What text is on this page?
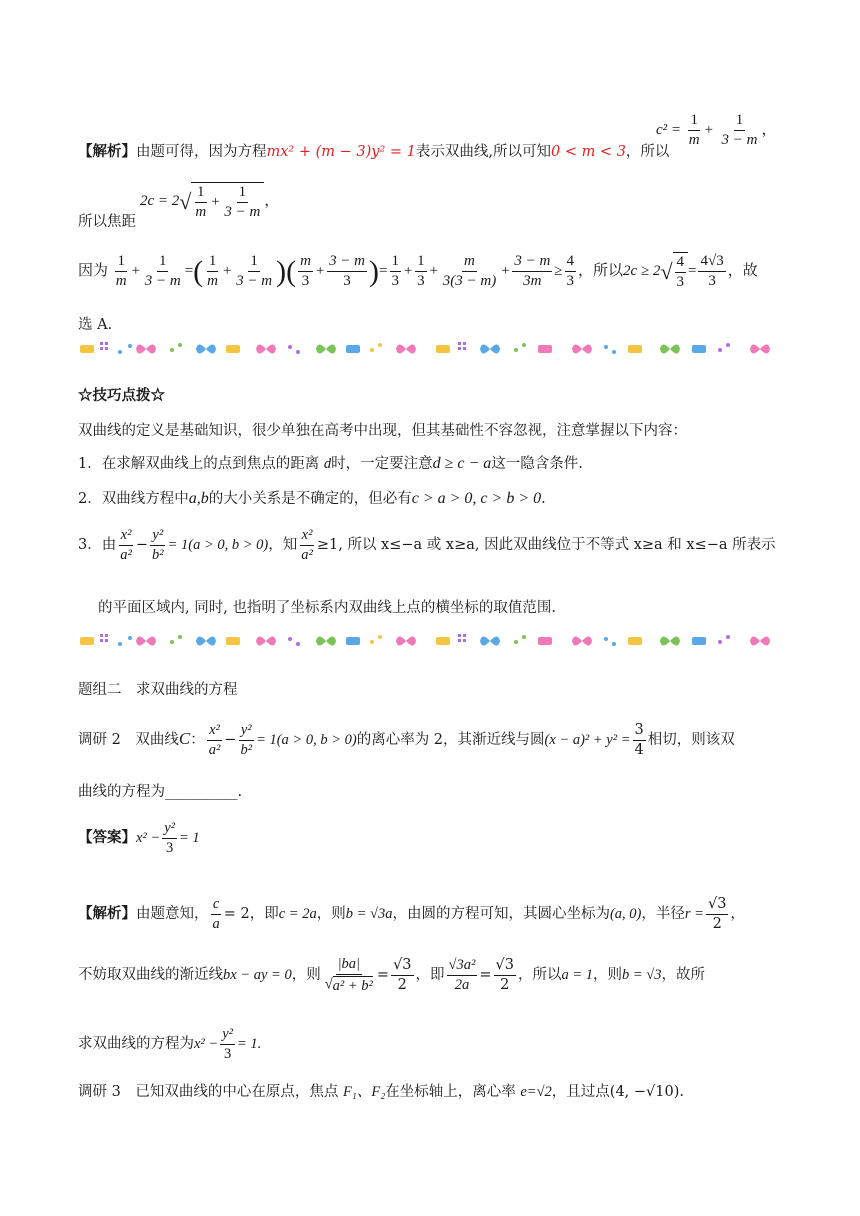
【解析】由题可得，因为方程mx² + (m − 3)y² = 1表示双曲线,所以可知0 < m < 3，所以
$c^2 = \frac{1}{m} + \frac{1}{3 - m}$ ，
$2c = 2√ \frac{1}{m} + \frac{1}{3 - m}$ ，
所以焦距
因为 $\frac{1}{m} + \frac{1}{3 - m}$ =( $\frac{1}{m} + \frac{1}{3 - m}$ )( $\frac{m}{3} + \frac{3 - m}{3}$ )= $\frac{1}{3} + \frac{1}{3} + \frac{m}{3(3 - m)} + \frac{3 - m}{3m} \ge \frac{4}{3}$ ，所以$2c \ge 2√ \frac{4}{3} = \frac{4√3}{3}$ ，故
选 A.
☆技巧点拨☆
双曲线的定义是基础知识，很少单独在高考中出现，但其基础性不容忽视，注意掌握以下内容：
1．在求解双曲线上的点到焦点的距离 d时，一定要注意d ≥ c − a这一隐含条件.
2．双曲线方程中a,b的大小关系是不确定的，但必有c > a > 0, c > b > 0.
3．由 $\frac{\text{x²}}{\text{a²}} - \frac{\text{y²}}{\text{b²}} = 1(a > 0$, b > 0)，知 $\frac{\text{x²}}{\text{a²}} \ge 1$, 所以 x≤−a 或 x≥a, 因此双曲线位于不等式 x≥a 和 x≤−a 所表示
的平面区域内, 同时, 也指明了坐标系内双曲线上点的横坐标的取值范围.
题组二　求双曲线的方程
调研 2　双曲线C： $\frac{\text{x²}}{\text{a²}} - \frac{\text{y²}}{\text{b²}} = 1(a > 0$, b > 0)的离心率为 2，其渐近线与圆$(x - a)^2 + y^2 = \frac{3}{4}$ 相切，则该双
曲线的方程为__________.
【答案】$x^2 - \frac{\text{y²}}{3} = 1$
【解析】由题意知， $\frac{c}{a} = 2$，即c = 2a，则b = √3a，由圆的方程可知，其圆心坐标为(a, 0)，半径$r = \frac{√3}{2}$ ，
不妨取双曲线的渐近线bx − ay = 0，则 $\frac{|ba|}{\text{√a² + b²}} = \frac{√3}{2}$ ，即 $\frac{\text{√3a²}}{2a} = \frac{√3}{2}$ ，所以a = 1，则b = √3，故所
求双曲线的方程为$x^2 - \frac{\text{y²}}{3} = 1$.
调研 3　已知双曲线的中心在原点，焦点 F₁、F₂在坐标轴上，离心率 e=√2，且过点(4, −√10).
